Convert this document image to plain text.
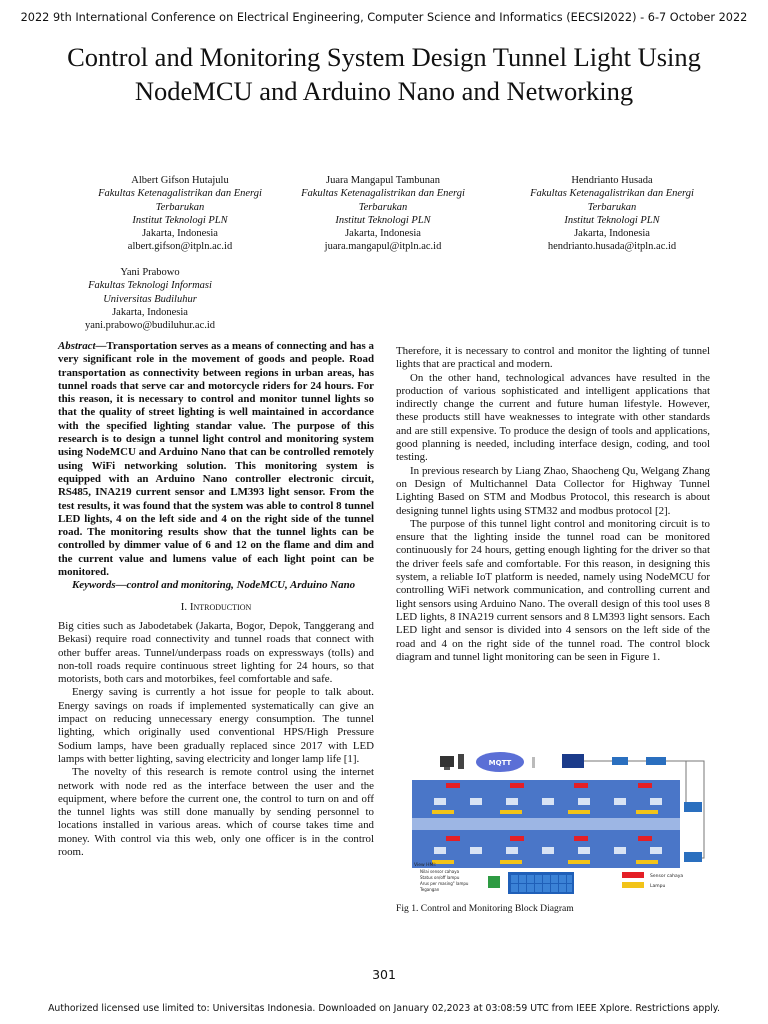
2022 9th International Conference on Electrical Engineering, Computer Science and Informatics (EECSI2022) - 6-7 October 2022
Control and Monitoring System Design Tunnel Light Using NodeMCU and Arduino Nano and Networking
Albert Gifson Hutajulu
Fakultas Ketenagalistrikan dan Energi Terbarukan
Institut Teknologi PLN
Jakarta, Indonesia
albert.gifson@itpln.ac.id
Juara Mangapul Tambunan
Fakultas Ketenagalistrikan dan Energi Terbarukan
Institut Teknologi PLN
Jakarta, Indonesia
juara.mangapul@itpln.ac.id
Hendrianto Husada
Fakultas Ketenagalistrikan dan Energi Terbarukan
Institut Teknologi PLN
Jakarta, Indonesia
hendrianto.husada@itpln.ac.id
Yani Prabowo
Fakultas Teknologi Informasi
Universitas Budiluhur
Jakarta, Indonesia
yani.prabowo@budiluhur.ac.id

Abstract—Transportation serves as a means of connecting and has a very significant role in the movement of goods and people. Road transportation as connectivity between regions in urban areas, has tunnel roads that serve car and motorcycle riders for 24 hours. For this reason, it is necessary to control and monitor tunnel lights so that the quality of street lighting is well maintained in accordance with the specified lighting standar value. The purpose of this research is to design a tunnel light control and monitoring system using NodeMCU and Arduino Nano that can be controlled remotely using WiFi networking solution. This monitoring system is equipped with an Arduino Nano controller electronic circuit, RS485, INA219 current sensor and LM393 light sensor. From the test results, it was found that the system was able to control 8 tunnel LED lights, 4 on the left side and 4 on the right side of the tunnel road. The monitoring results show that the tunnel lights can be controlled by dimmer value of 6 and 12 on the flame and dim and the current value and lumens value of each light point can be monitored.

Keywords—control and monitoring, NodeMCU, Arduino Nano

I. Introduction

Big cities such as Jabodetabek (Jakarta, Bogor, Depok, Tanggerang and Bekasi) require road connectivity and tunnel roads that connect with other buffer areas. Tunnel/underpass roads on expressways (tolls) and non-toll roads require continuous street lighting for 24 hours, so that motorists, both cars and motorbikes, feel comfortable and safe.

Energy saving is currently a hot issue for people to talk about. Energy savings on roads if implemented systematically can give an impact on reducing unnecessary energy consumption. The tunnel lighting, which originally used conventional HPS/High Pressure Sodium lamps, have been gradually replaced since 2017 with LED lamps with better lighting, saving electricity and longer lamp life [1].

The novelty of this research is remote control using the internet network with node red as the interface between the user and the equipment, where before the current one, the control to turn on and off the tunnel lights was still done manually by sending personnel to locations installed in various areas. which of course takes time and money. With control via this web, only one officer is in the control room.

Therefore, it is necessary to control and monitor the lighting of tunnel lights that are practical and modern.

On the other hand, technological advances have resulted in the production of various sophisticated and intelligent applications that indirectly change the current and future human lifestyle. However, these products still have weaknesses to integrate with other standards and are still expensive. To produce the design of tools and applications, good planning is needed, including interface design, coding, and tool testing.

In previous research by Liang Zhao, Shaocheng Qu, Welgang Zhang on Design of Multichannel Data Collector for Highway Tunnel Lighting Based on STM and Modbus Protocol, this research is about designing tunnel lights using STM32 and modbus protocol [2].

The purpose of this tunnel light control and monitoring circuit is to ensure that the lighting inside the tunnel road can be monitored continuously for 24 hours, getting enough lighting for the driver so that the driver feels safe and comfortable. For this reason, in designing this system, a reliable IoT platform is needed, namely using NodeMCU for controlling WiFi network communication, and controlling current and light sensors using Arduino Nano. The overall design of this tool uses 8 LED lights, 8 INA219 current sensors and 8 LM393 light sensors. Each LED light and sensor is divided into 4 sensors on the left side of the road and 4 on the right side of the tunnel road. The control block diagram and tunnel light monitoring can be seen in Figure 1.

MQTT
View HMI:
Nilai sensor cahaya
Status on/off lampu
Arus per masing" lampu
Tegangan
Sensor cahaya
Lampu
Fig 1. Control and Monitoring Block Diagram
301
Authorized licensed use limited to: Universitas Indonesia. Downloaded on January 02,2023 at 03:08:59 UTC from IEEE Xplore. Restrictions apply.
